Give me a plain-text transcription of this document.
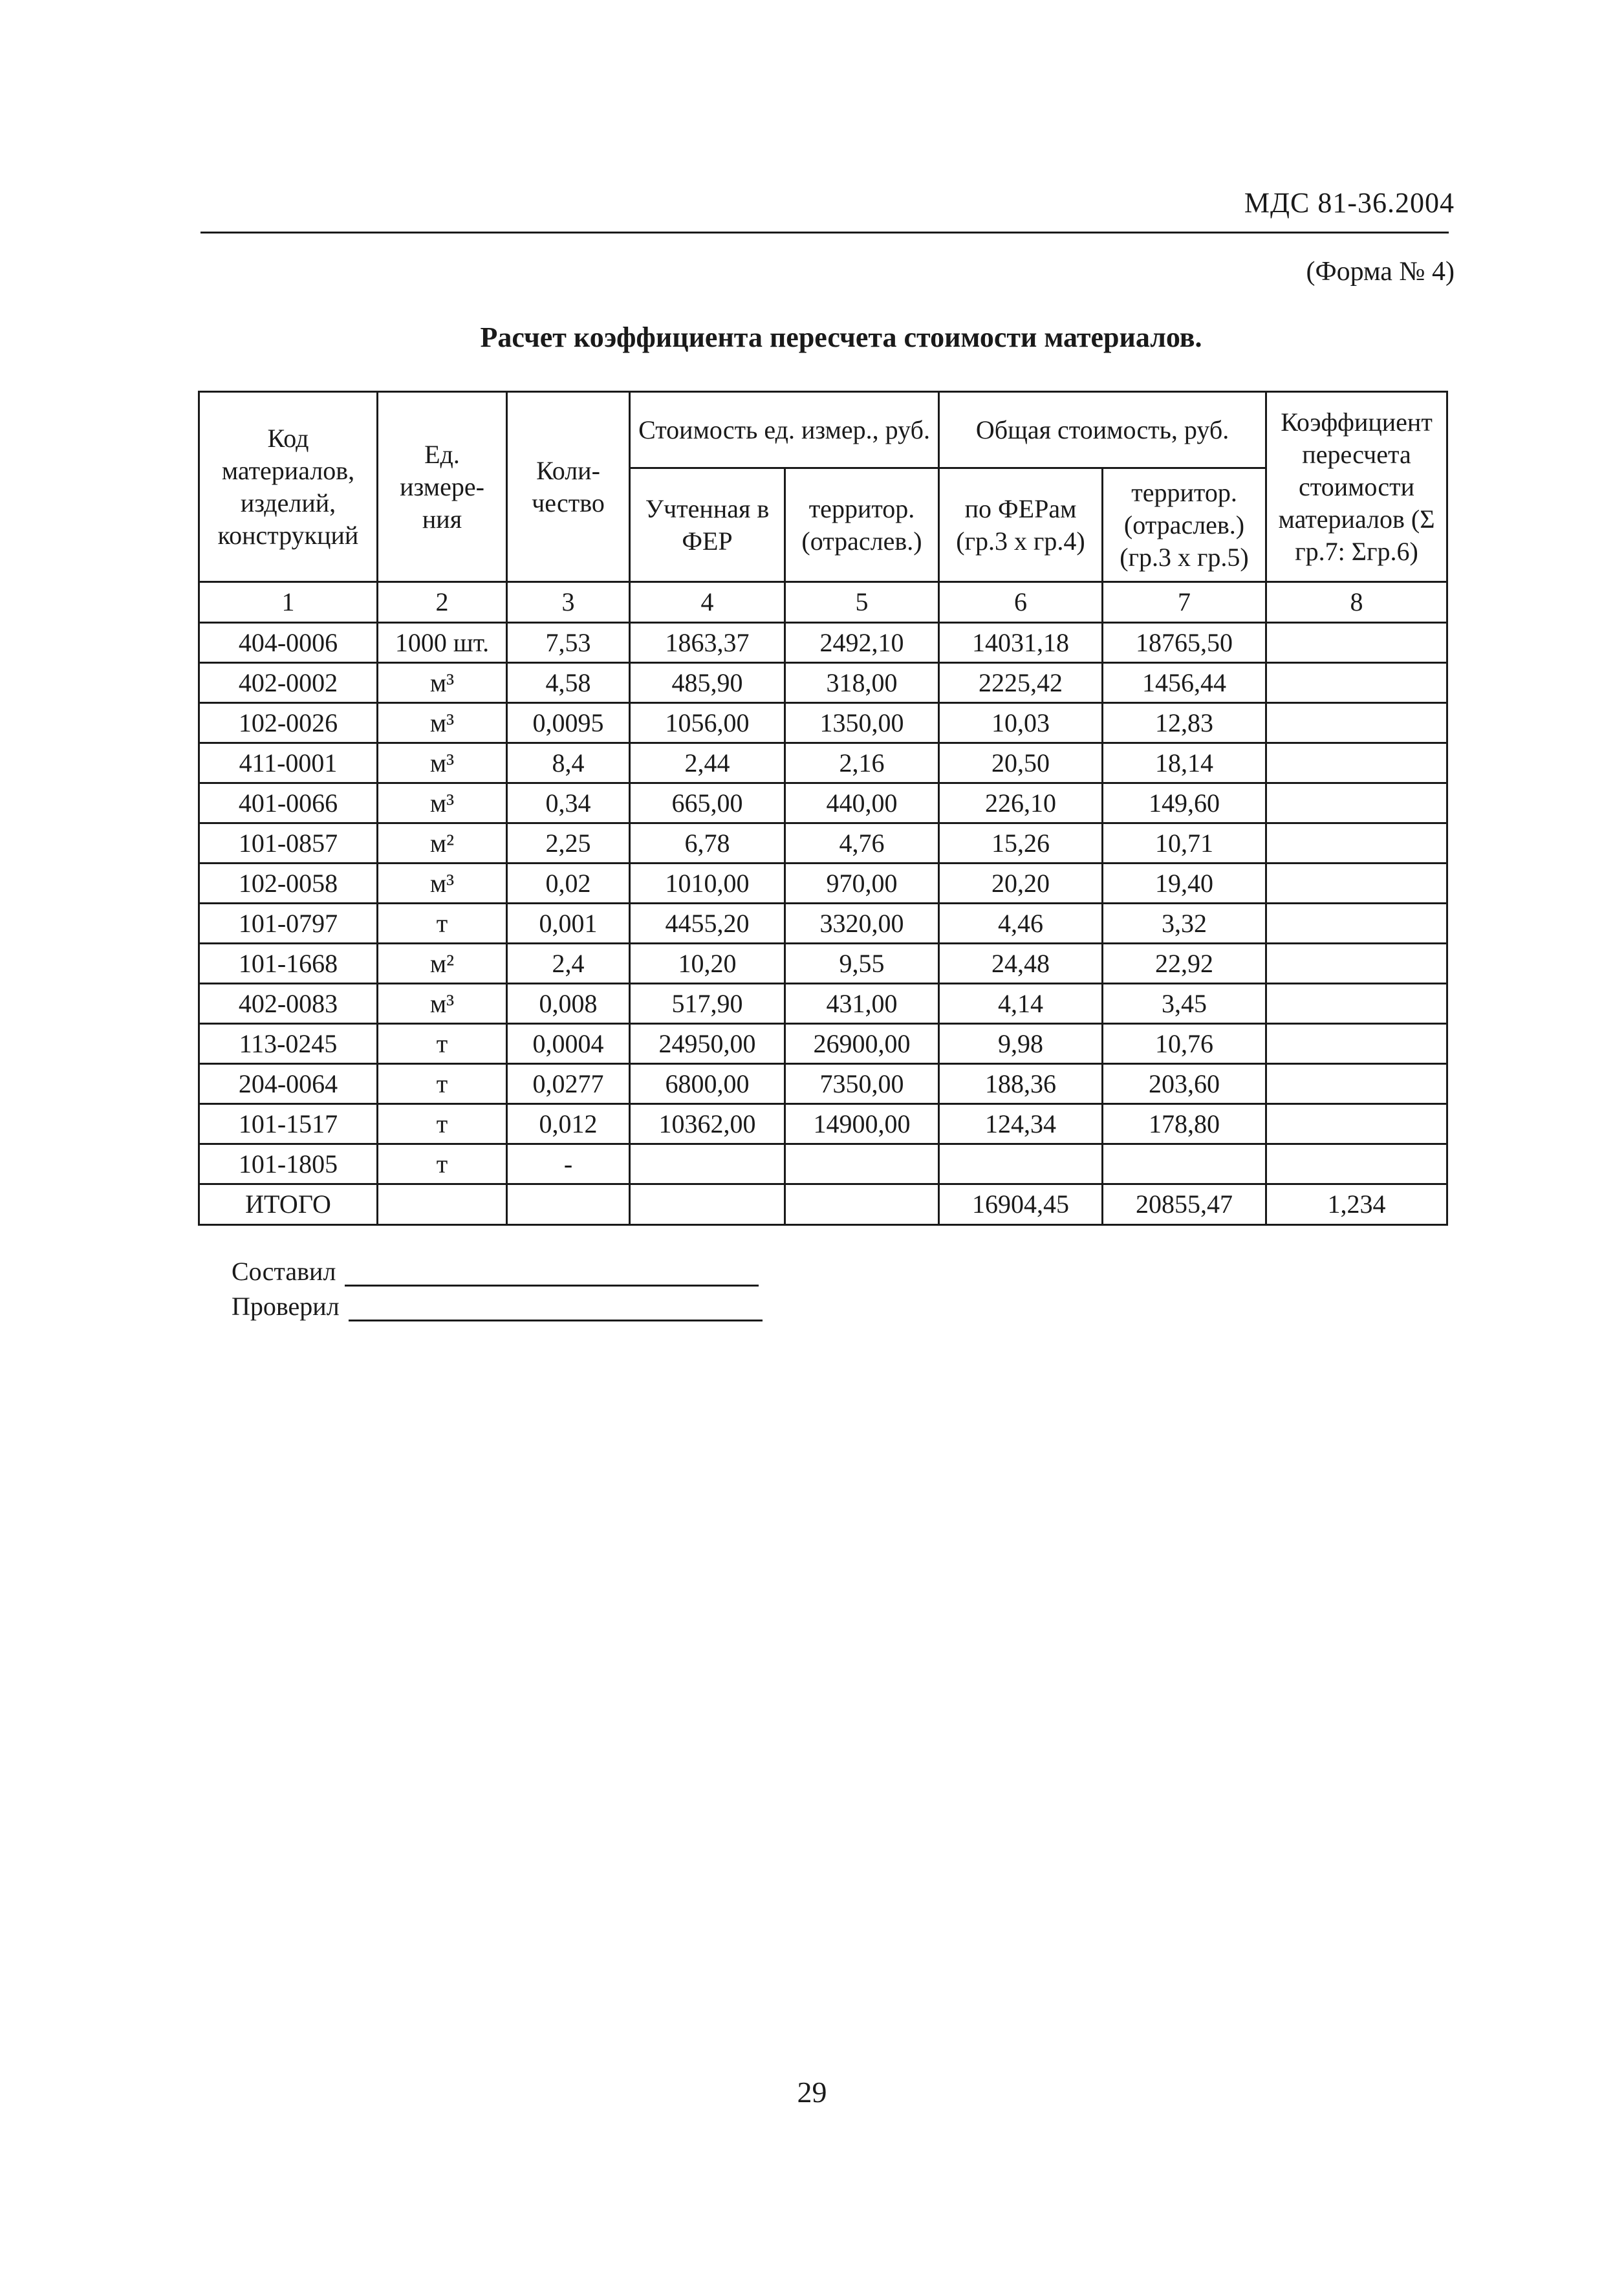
МДС 81-36.2004
(Форма № 4)
Расчет коэффициента пересчета стоимости материалов.
Код материалов, изделий, конструкций	Ед. измере-ния	Коли-чество	Стоимость ед. измер., руб.		Общая стоимость, руб.		Коэффициент пересчета стоимости материалов (Σ гр.7: Σгр.6)
			Учтенная в ФЕР	территор. (отраслев.)	по ФЕРам (гр.3 х гр.4)	территор. (отраслев.) (гр.3 х гр.5)	
1	2	3	4	5	6	7	8
404-0006	1000 шт.	7,53	1863,37	2492,10	14031,18	18765,50	
402-0002	м³	4,58	485,90	318,00	2225,42	1456,44	
102-0026	м³	0,0095	1056,00	1350,00	10,03	12,83	
411-0001	м³	8,4	2,44	2,16	20,50	18,14	
401-0066	м³	0,34	665,00	440,00	226,10	149,60	
101-0857	м²	2,25	6,78	4,76	15,26	10,71	
102-0058	м³	0,02	1010,00	970,00	20,20	19,40	
101-0797	т	0,001	4455,20	3320,00	4,46	3,32	
101-1668	м²	2,4	10,20	9,55	24,48	22,92	
402-0083	м³	0,008	517,90	431,00	4,14	3,45	
113-0245	т	0,0004	24950,00	26900,00	9,98	10,76	
204-0064	т	0,0277	6800,00	7350,00	188,36	203,60	
101-1517	т	0,012	10362,00	14900,00	124,34	178,80	
101-1805	т	-					
ИТОГО					16904,45	20855,47	1,234
Составил
Проверил
29
